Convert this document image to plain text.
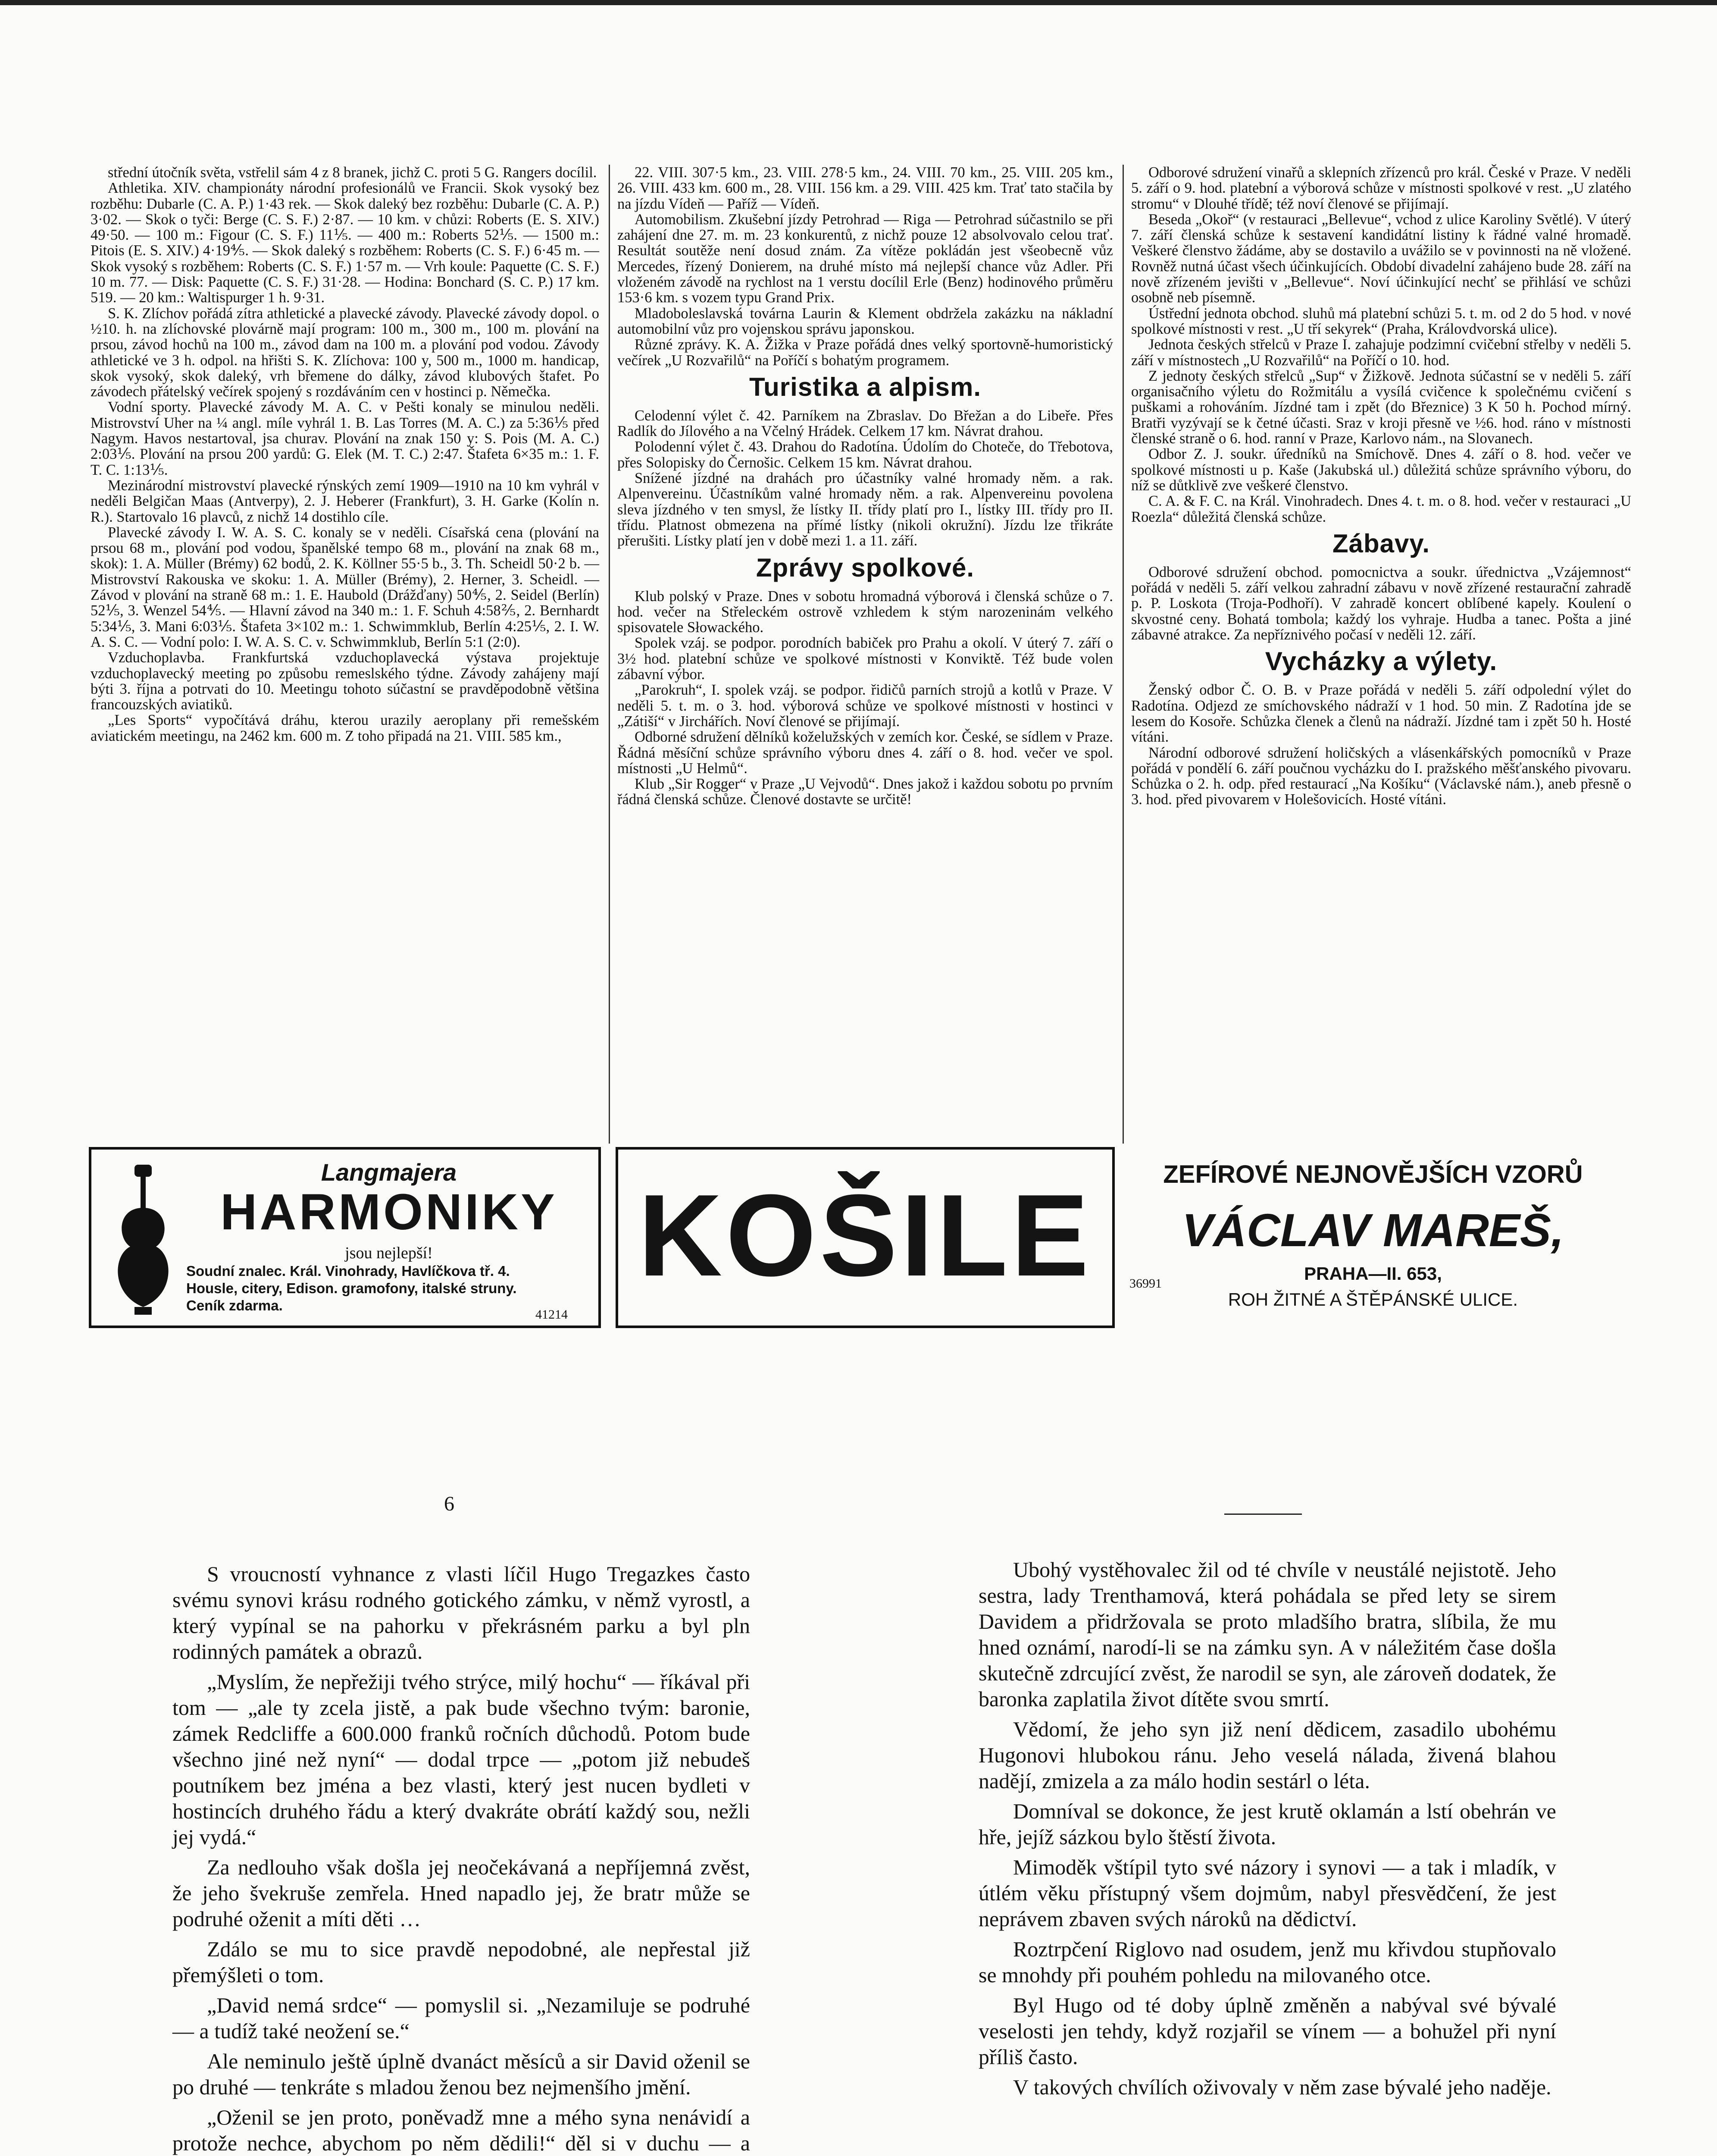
střední útočník světa, vstřelil sám 4 z 8 branek, jichž C. proti 5 G. Rangers docílil.

Athletika. XIV. championáty národní profesionálů ve Francii. Skok vysoký bez rozběhu: Dubarle (C. A. P.) 1·43 rek. — Skok daleký bez rozběhu: Dubarle (C. A. P.) 3·02. — Skok o tyči: Berge (C. S. F.) 2·87. — 10 km. v chůzi: Roberts (E. S. XIV.) 49·50. — 100 m.: Figour (C. S. F.) 11⅕. — 400 m.: Roberts 52⅕. — 1500 m.: Pitois (E. S. XIV.) 4·19⅘. — Skok daleký s rozběhem: Roberts (C. S. F.) 6·45 m. — Skok vysoký s rozběhem: Roberts (C. S. F.) 1·57 m. — Vrh koule: Paquette (C. S. F.) 10 m. 77. — Disk: Paquette (C. S. F.) 31·28. — Hodina: Bonchard (S. C. P.) 17 km. 519. — 20 km.: Waltispurger 1 h. 9·31.

S. K. Zlíchov pořádá zítra athletické a plavecké závody. Plavecké závody dopol. o ½10. h. na zlíchovské plovárně mají program: 100 m., 300 m., 100 m. plování na prsou, závod hochů na 100 m., závod dam na 100 m. a plování pod vodou. Závody athletické ve 3 h. odpol. na hřišti S. K. Zlíchova: 100 y, 500 m., 1000 m. handicap, skok vysoký, skok daleký, vrh břemene do dálky, závod klubových štafet. Po závodech přátelský večírek spojený s rozdáváním cen v hostinci p. Němečka.

Vodní sporty. Plavecké závody M. A. C. v Pešti konaly se minulou neděli. Mistrovství Uher na ¼ angl. míle vyhrál 1. B. Las Torres (M. A. C.) za 5:36⅕ před Nagym. Havos nestartoval, jsa churav. Plování na znak 150 y: S. Pois (M. A. C.) 2:03⅕. Plování na prsou 200 yardů: G. Elek (M. T. C.) 2:47. Štafeta 6×35 m.: 1. F. T. C. 1:13⅕.

Mezinárodní mistrovství plavecké rýnských zemí 1909—1910 na 10 km vyhrál v neděli Belgičan Maas (Antverpy), 2. J. Heberer (Frankfurt), 3. H. Garke (Kolín n. R.). Startovalo 16 plavců, z nichž 14 dostihlo cíle.

Plavecké závody I. W. A. S. C. konaly se v neděli. Císařská cena (plování na prsou 68 m., plování pod vodou, španělské tempo 68 m., plování na znak 68 m., skok): 1. A. Müller (Brémy) 62 bodů, 2. K. Köllner 55·5 b., 3. Th. Scheidl 50·2 b. — Mistrovství Rakouska ve skoku: 1. A. Müller (Brémy), 2. Herner, 3. Scheidl. — Závod v plování na straně 68 m.: 1. E. Haubold (Drážďany) 50⅘, 2. Seidel (Berlín) 52⅕, 3. Wenzel 54⅘. — Hlavní závod na 340 m.: 1. F. Schuh 4:58⅖, 2. Bernhardt 5:34⅕, 3. Mani 6:03⅕. Štafeta 3×102 m.: 1. Schwimmklub, Berlín 4:25⅕, 2. I. W. A. S. C. — Vodní polo: I. W. A. S. C. v. Schwimmklub, Berlín 5:1 (2:0).

Vzduchoplavba. Frankfurtská vzduchoplavecká výstava projektuje vzduchoplavecký meeting po způsobu remeslského týdne. Závody zahájeny mají býti 3. října a potrvati do 10. Meetingu tohoto súčastní se pravděpodobně většina francouzských aviatiků.

„Les Sports“ vypočítává dráhu, kterou urazily aeroplany při remešském aviatickém meetingu, na 2462 km. 600 m. Z toho připadá na 21. VIII. 585 km.,

22. VIII. 307·5 km., 23. VIII. 278·5 km., 24. VIII. 70 km., 25. VIII. 205 km., 26. VIII. 433 km. 600 m., 28. VIII. 156 km. a 29. VIII. 425 km. Trať tato stačila by na jízdu Vídeň — Paříž — Vídeň.

Automobilism. Zkušební jízdy Petrohrad — Riga — Petrohrad súčastnilo se při zahájení dne 27. m. m. 23 konkurentů, z nichž pouze 12 absolvovalo celou trať. Resultát soutěže není dosud znám. Za vítěze pokládán jest všeobecně vůz Mercedes, řízený Donierem, na druhé místo má nejlepší chance vůz Adler. Při vloženém závodě na rychlost na 1 verstu docílil Erle (Benz) hodinového průměru 153·6 km. s vozem typu Grand Prix.

Mladoboleslavská továrna Laurin & Klement obdržela zakázku na nákladní automobilní vůz pro vojenskou správu japonskou.

Různé zprávy. K. A. Žižka v Praze pořádá dnes velký sportovně-humoristický večírek „U Rozvařilů“ na Poříčí s bohatým programem.

Turistika a alpism.

Celodenní výlet č. 42. Parníkem na Zbraslav. Do Břežan a do Libeře. Přes Radlík do Jílového a na Včelný Hrádek. Celkem 17 km. Návrat drahou.

Polodenní výlet č. 43. Drahou do Radotína. Údolím do Choteče, do Třebotova, přes Solopisky do Černošic. Celkem 15 km. Návrat drahou.

Snížené jízdné na drahách pro účastníky valné hromady něm. a rak. Alpenvereinu. Účastníkům valné hromady něm. a rak. Alpenvereinu povolena sleva jízdného v ten smysl, že lístky II. třídy platí pro I., lístky III. třídy pro II. třídu. Platnost obmezena na přímé lístky (nikoli okružní). Jízdu lze třikráte přerušiti. Lístky platí jen v době mezi 1. a 11. září.

Zprávy spolkové.

Klub polský v Praze. Dnes v sobotu hromadná výborová i členská schůze o 7. hod. večer na Střeleckém ostrově vzhledem k stým narozeninám velkého spisovatele Słowackého.

Spolek vzáj. se podpor. porodních babiček pro Prahu a okolí. V úterý 7. září o 3½ hod. platební schůze ve spolkové místnosti v Konviktě. Též bude volen zábavní výbor.

„Parokruh“, I. spolek vzáj. se podpor. řidičů parních strojů a kotlů v Praze. V neděli 5. t. m. o 3. hod. výborová schůze ve spolkové místnosti v hostinci v „Zátiší“ v Jirchářích. Noví členové se přijímají.

Odborné sdružení dělníků koželužských v zemích kor. České, se sídlem v Praze. Řádná měsíční schůze správního výboru dnes 4. září o 8. hod. večer ve spol. místnosti „U Helmů“.

Klub „Sir Rogger“ v Praze „U Vejvodů“. Dnes jakož i každou sobotu po prvním řádná členská schůze. Členové dostavte se určitě!

Odborové sdružení vinařů a sklepních zřízenců pro král. České v Praze. V neděli 5. září o 9. hod. platební a výborová schůze v místnosti spolkové v rest. „U zlatého stromu“ v Dlouhé třídě; též noví členové se přijímají.

Beseda „Okoř“ (v restauraci „Bellevue“, vchod z ulice Karoliny Světlé). V úterý 7. září členská schůze k sestavení kandidátní listiny k řádné valné hromadě. Veškeré členstvo žádáme, aby se dostavilo a uvážilo se v povinnosti na ně vložené. Rovněž nutná účast všech účinkujících. Období divadelní zahájeno bude 28. září na nově zřízeném jevišti v „Bellevue“. Noví účinkující nechť se přihlásí ve schůzi osobně neb písemně.

Ústřední jednota obchod. sluhů má platební schůzi 5. t. m. od 2 do 5 hod. v nové spolkové místnosti v rest. „U tří sekyrek“ (Praha, Královdvorská ulice).

Jednota českých střelců v Praze I. zahajuje podzimní cvičební střelby v neděli 5. září v místnostech „U Rozvařilů“ na Poříčí o 10. hod.

Z jednoty českých střelců „Sup“ v Žižkově. Jednota súčastní se v neděli 5. září organisačního výletu do Rožmitálu a vysílá cvičence k společnému cvičení s puškami a rohováním. Jízdné tam i zpět (do Březnice) 3 K 50 h. Pochod mírný. Bratři vyzývají se k četné účasti. Sraz v kroji přesně ve ½6. hod. ráno v místnosti členské straně o 6. hod. ranní v Praze, Karlovo nám., na Slovanech.

Odbor Z. J. soukr. úředníků na Smíchově. Dnes 4. září o 8. hod. večer ve spolkové místnosti u p. Kaše (Jakubská ul.) důležitá schůze správního výboru, do níž se důtklivě zve veškeré členstvo.

C. A. & F. C. na Král. Vinohradech. Dnes 4. t. m. o 8. hod. večer v restauraci „U Roezla“ důležitá členská schůze.

Zábavy.

Odborové sdružení obchod. pomocnictva a soukr. úřednictva „Vzájemnost“ pořádá v neděli 5. září velkou zahradní zábavu v nově zřízené restaurační zahradě p. P. Loskota (Troja-Podhoří). V zahradě koncert oblíbené kapely. Koulení o skvostné ceny. Bohatá tombola; každý los vyhraje. Hudba a tanec. Pošta a jiné zábavné atrakce. Za nepříznivého počasí v neděli 12. září.

Vycházky a výlety.

Ženský odbor Č. O. B. v Praze pořádá v neděli 5. září odpolední výlet do Radotína. Odjezd ze smíchovského nádraží v 1 hod. 50 min. Z Radotína jde se lesem do Kosoře. Schůzka členek a členů na nádraží. Jízdné tam i zpět 50 h. Hosté vítáni.

Národní odborové sdružení holičských a vlásenkářských pomocníků v Praze pořádá v pondělí 6. září poučnou vycházku do I. pražského měšťanského pivovaru. Schůzka o 2. h. odp. před restaurací „Na Košíku“ (Václavské nám.), aneb přesně o 3. hod. před pivovarem v Holešovicích. Hosté vítáni.

Langmajera
HARMONIKY
jsou nejlepší!
Soudní znalec. Král. Vinohrady, Havlíčkova tř. 4. Housle, citery, Edison. gramofony, italské struny. Ceník zdarma.
41214
KOŠILE	ZEFÍROVÉ NEJNOVĚJŠÍCH VZORŮ
VÁCLAV MAREŠ,
36991	PRAHA—II. 653,
ROH ŽITNÉ A ŠTĚPÁNSKÉ ULICE.
6

S vroucností vyhnance z vlasti líčil Hugo Tregazkes často svému synovi krásu rodného gotického zámku, v němž vyrostl, a který vypínal se na pahorku v překrásném parku a byl pln rodinných památek a obrazů.

„Myslím, že nepřežiji tvého strýce, milý hochu“ — říkával při tom — „ale ty zcela jistě, a pak bude všechno tvým: baronie, zámek Redcliffe a 600.000 franků ročních důchodů. Potom bude všechno jiné než nyní“ — dodal trpce — „potom již nebudeš poutníkem bez jména a bez vlasti, který jest nucen bydleti v hostincích druhého řádu a který dvakráte obrátí každý sou, nežli jej vydá.“

Za nedlouho však došla jej neočekávaná a nepříjemná zvěst, že jeho švekruše zemřela. Hned napadlo jej, že bratr může se podruhé oženit a míti děti …

Zdálo se mu to sice pravdě nepodobné, ale nepřestal již přemýšleti o tom.

„David nemá srdce“ — pomyslil si. „Nezamiluje se podruhé — a tudíž také neožení se.“

Ale neminulo ještě úplně dvanáct měsíců a sir David oženil se po druhé — tenkráte s mladou ženou bez nejmenšího jmění.

„Oženil se jen proto, poněvadž mne a mého syna nenávidí a protože nechce, abychom po něm dědili!“ děl si v duchu — a

Ubohý vystěhovalec žil od té chvíle v neustálé nejistotě. Jeho sestra, lady Trenthamová, která pohádala se před lety se sirem Davidem a přidržovala se proto mladšího bratra, slíbila, že mu hned oznámí, narodí-li se na zámku syn. A v náležitém čase došla skutečně zdrcující zvěst, že narodil se syn, ale zároveň dodatek, že baronka zaplatila život dítěte svou smrtí.

Vědomí, že jeho syn již není dědicem, zasadilo ubohému Hugonovi hlubokou ránu. Jeho veselá nálada, živená blahou nadějí, zmizela a za málo hodin sestárl o léta.

Domníval se dokonce, že jest krutě oklamán a lstí obehrán ve hře, jejíž sázkou bylo štěstí života.

Mimoděk vštípil tyto své názory i synovi — a tak i mladík, v útlém věku přístupný všem dojmům, nabyl přesvědčení, že jest neprávem zbaven svých nároků na dědictví.

Roztrpčení Riglovo nad osudem, jenž mu křivdou stupňovalo se mnohdy při pouhém pohledu na milovaného otce.

Byl Hugo od té doby úplně změněn a nabýval své bývalé veselosti jen tehdy, když rozjařil se vínem — a bohužel při nyní příliš často.

V takových chvílích oživovaly v něm zase bývalé jeho naděje.
